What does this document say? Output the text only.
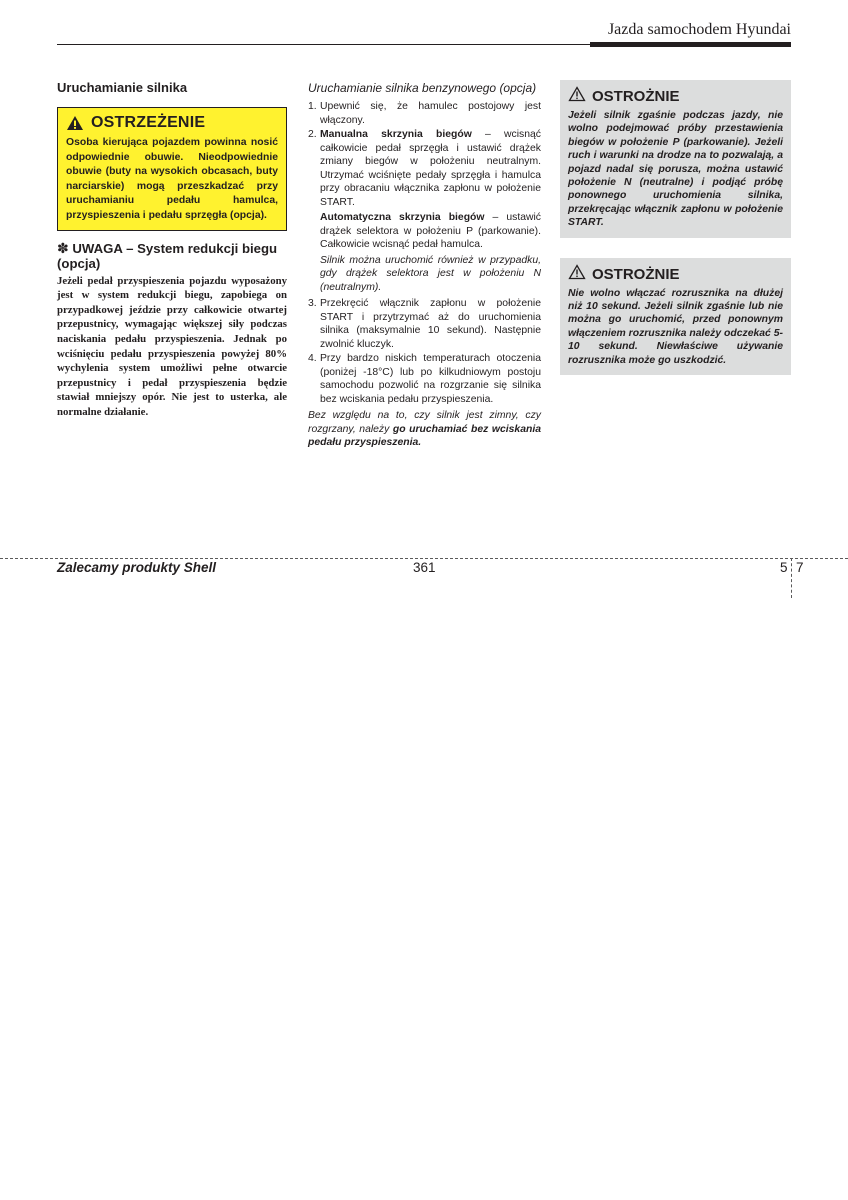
Jazda samochodem Hyundai
Uruchamianie silnika
OSTRZEŻENIE
Osoba kierująca pojazdem powinna nosić odpowiednie obuwie. Nieodpowiednie obuwie (buty na wysokich obcasach, buty narciarskie) mogą przeszkadzać przy uruchamianiu pedału hamulca, przyspieszenia i pedału sprzęgła (opcja).
✽ UWAGA – System redukcji biegu (opcja)
Jeżeli pedał przyspieszenia pojazdu wyposażony jest w system redukcji biegu, zapobiega on przypadkowej jeździe przy całkowicie otwartej przepustnicy, wymagając większej siły podczas naciskania pedału przyspieszenia. Jednak po wciśnięciu pedału przyspieszenia powyżej 80% wychylenia system umożliwi pełne otwarcie przepustnicy i pedał przyspieszenia będzie stawiał mniejszy opór. Nie jest to usterka, ale normalne działanie.
Uruchamianie silnika benzynowego (opcja)
1. Upewnić się, że hamulec postojowy jest włączony.
2. Manualna skrzynia biegów – wcisnąć całkowicie pedał sprzęgła i ustawić drążek zmiany biegów w położeniu neutralnym. Utrzymać wciśnięte pedały sprzęgła i hamulca przy obracaniu włącznika zapłonu w położenie START.
Automatyczna skrzynia biegów – ustawić drążek selektora w położeniu P (parkowanie). Całkowicie wcisnąć pedał hamulca.
Silnik można uruchomić również w przypadku, gdy drążek selektora jest w położeniu N (neutralnym).
3. Przekręcić włącznik zapłonu w położenie START i przytrzymać aż do uruchomienia silnika (maksymalnie 10 sekund). Następnie zwolnić kluczyk.
4. Przy bardzo niskich temperaturach otoczenia (poniżej -18°C) lub po kilkudniowym postoju samochodu pozwolić na rozgrzanie się silnika bez wciskania pedału przyspieszenia.
Bez względu na to, czy silnik jest zimny, czy rozgrzany, należy go uruchamiać bez wciskania pedału przyspieszenia.
OSTROŻNIE
Jeżeli silnik zgaśnie podczas jazdy, nie wolno podejmować próby przestawienia biegów w położenie P (parkowanie). Jeżeli ruch i warunki na drodze na to pozwalają, a pojazd nadal się porusza, można ustawić położenie N (neutralne) i podjąć próbę ponownego uruchomienia silnika, przekręcając włącznik zapłonu w położenie START.
OSTROŻNIE
Nie wolno włączać rozrusznika na dłużej niż 10 sekund. Jeżeli silnik zgaśnie lub nie można go uruchomić, przed ponownym włączeniem rozrusznika należy odczekać 5-10 sekund. Niewłaściwe używanie rozrusznika może go uszkodzić.
Zalecamy produkty Shell	361	5 7
